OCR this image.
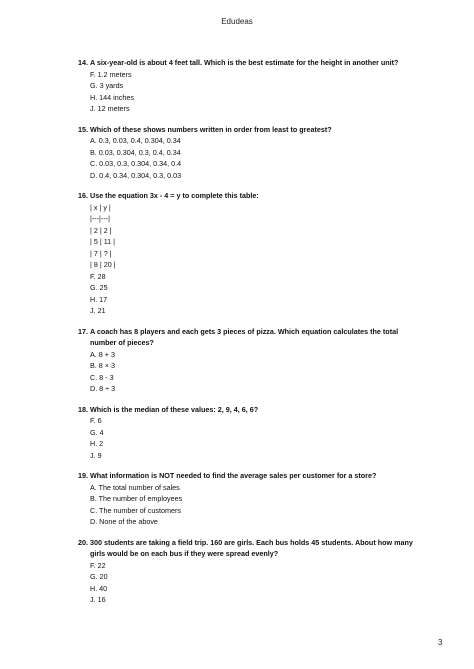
Edudeas
14. A six-year-old is about 4 feet tall. Which is the best estimate for the height in another unit?
F. 1.2 meters
G. 3 yards
H. 144 inches
J. 12 meters
15. Which of these shows numbers written in order from least to greatest?
A. 0.3, 0.03, 0.4, 0.304, 0.34
B. 0.03, 0.304, 0.3, 0.4, 0.34
C. 0.03, 0.3, 0.304, 0.34, 0.4
D. 0.4, 0.34, 0.304, 0.3, 0.03
16. Use the equation 3x - 4 = y to complete this table:
| x | y |
|---|---|
| 2 | 2 |
| 5 | 11 |
| 7 | ? |
| 8 | 20 |
F. 28
G. 25
H. 17
J. 21
17. A coach has 8 players and each gets 3 pieces of pizza. Which equation calculates the total number of pieces?
A. 8 + 3
B. 8 × 3
C. 8 - 3
D. 8 ÷ 3
18. Which is the median of these values: 2, 9, 4, 6, 6?
F. 6
G. 4
H. 2
J. 9
19. What information is NOT needed to find the average sales per customer for a store?
A. The total number of sales
B. The number of employees
C. The number of customers
D. None of the above
20. 300 students are taking a field trip. 160 are girls. Each bus holds 45 students. About how many girls would be on each bus if they were spread evenly?
F. 22
G. 20
H. 40
J. 16
3
